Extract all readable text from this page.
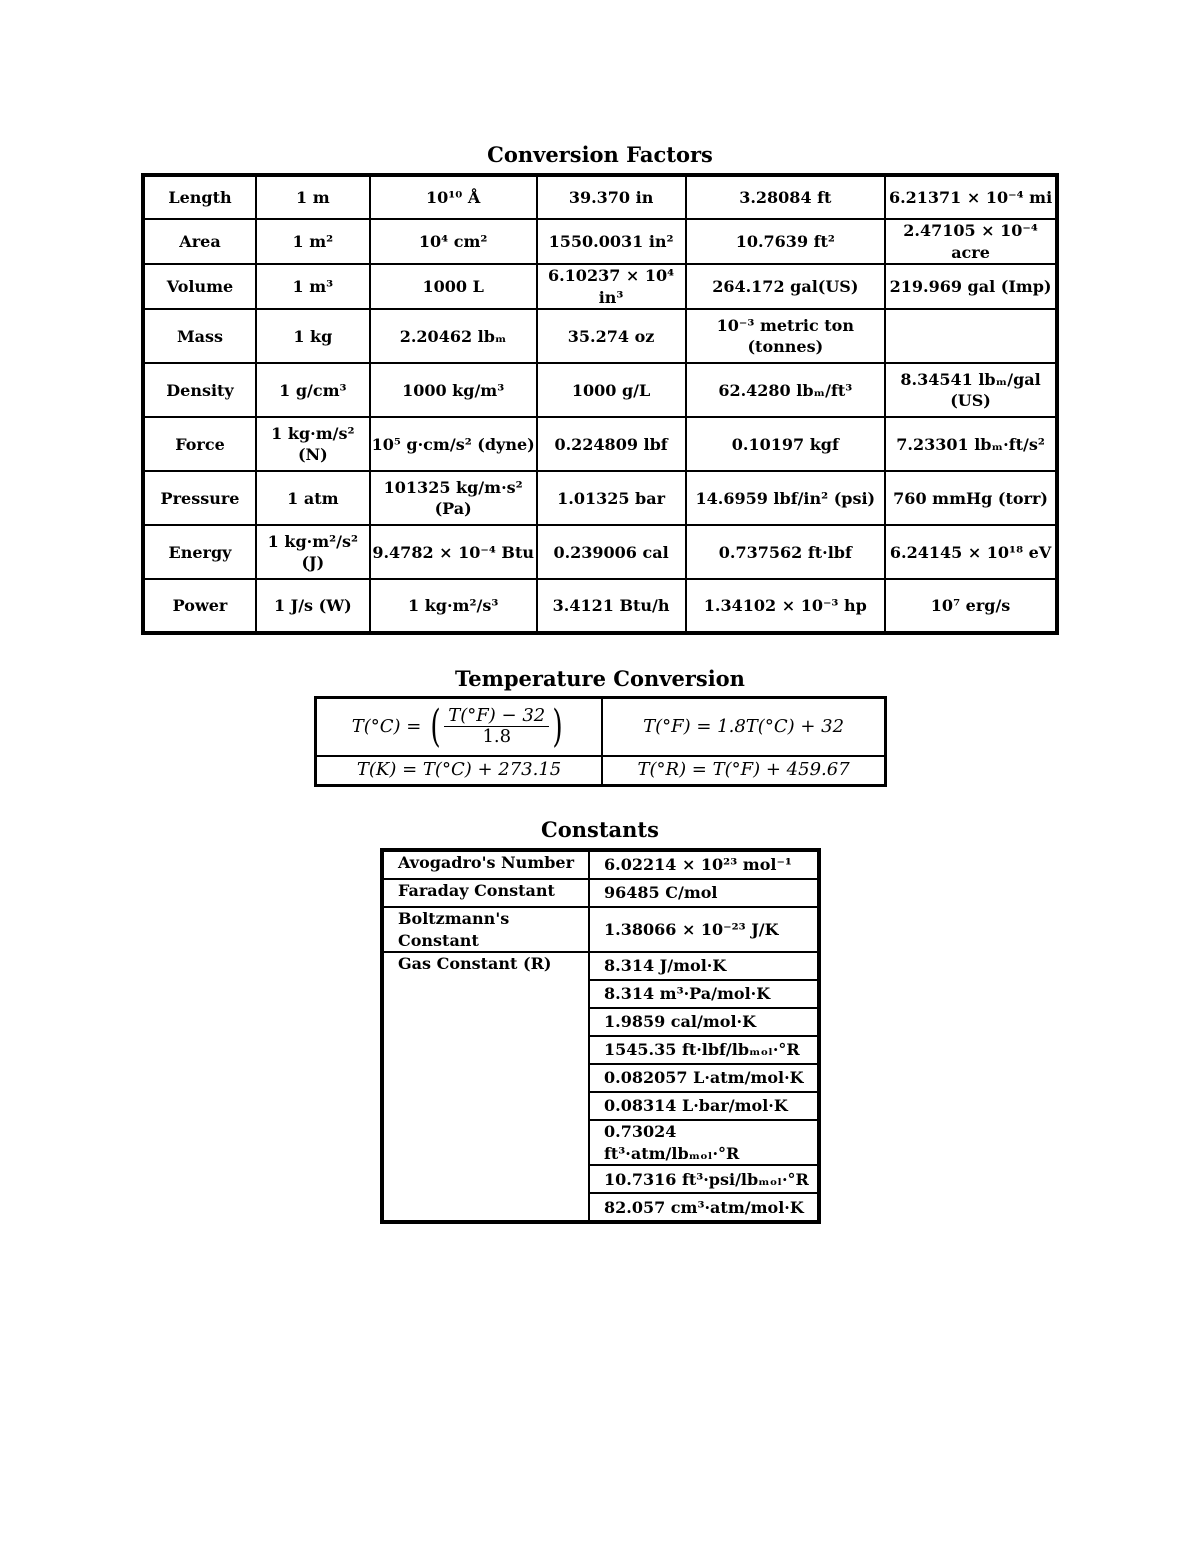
Conversion Factors
Length	1 m	10¹⁰ Å	39.370 in	3.28084 ft	6.21371 × 10⁻⁴ mi
Area	1 m²	10⁴ cm²	1550.0031 in²	10.7639 ft²	2.47105 × 10⁻⁴ acre
Volume	1 m³	1000 L	6.10237 × 10⁴ in³	264.172 gal(US)	219.969 gal (Imp)
Mass	1 kg	2.20462 lbₘ	35.274 oz	10⁻³ metric ton (tonnes)	
Density	1 g/cm³	1000 kg/m³	1000 g/L	62.4280 lbₘ/ft³	8.34541 lbₘ/gal (US)
Force	1 kg·m/s² (N)	10⁵ g·cm/s² (dyne)	0.224809 lbf	0.10197 kgf	7.23301 lbₘ·ft/s²
Pressure	1 atm	101325 kg/m·s² (Pa)	1.01325 bar	14.6959 lbf/in² (psi)	760 mmHg (torr)
Energy	1 kg·m²/s² (J)	9.4782 × 10⁻⁴ Btu	0.239006 cal	0.737562 ft·lbf	6.24145 × 10¹⁸ eV
Power	1 J/s (W)	1 kg·m²/s³	3.4121 Btu/h	1.34102 × 10⁻³ hp	10⁷ erg/s
Temperature Conversion
T(°C) = ( $\frac{T(^\circ F) - 32}{1.8}$ )	T(°F) = 1.8T(°C) + 32
T(K) = T(°C) + 273.15	T(°R) = T(°F) + 459.67
Constants
Avogadro's Number	6.02214 × 10²³ mol⁻¹
Faraday Constant	96485 C/mol
Boltzmann's Constant	1.38066 × 10⁻²³ J/K
Gas Constant (R)	8.314 J/mol·K
	8.314 m³·Pa/mol·K
	1.9859 cal/mol·K
	1545.35 ft·lbf/lbₘₒₗ·°R
	0.082057 L·atm/mol·K
	0.08314 L·bar/mol·K
	0.73024 ft³·atm/lbₘₒₗ·°R
	10.7316 ft³·psi/lbₘₒₗ·°R
	82.057 cm³·atm/mol·K
